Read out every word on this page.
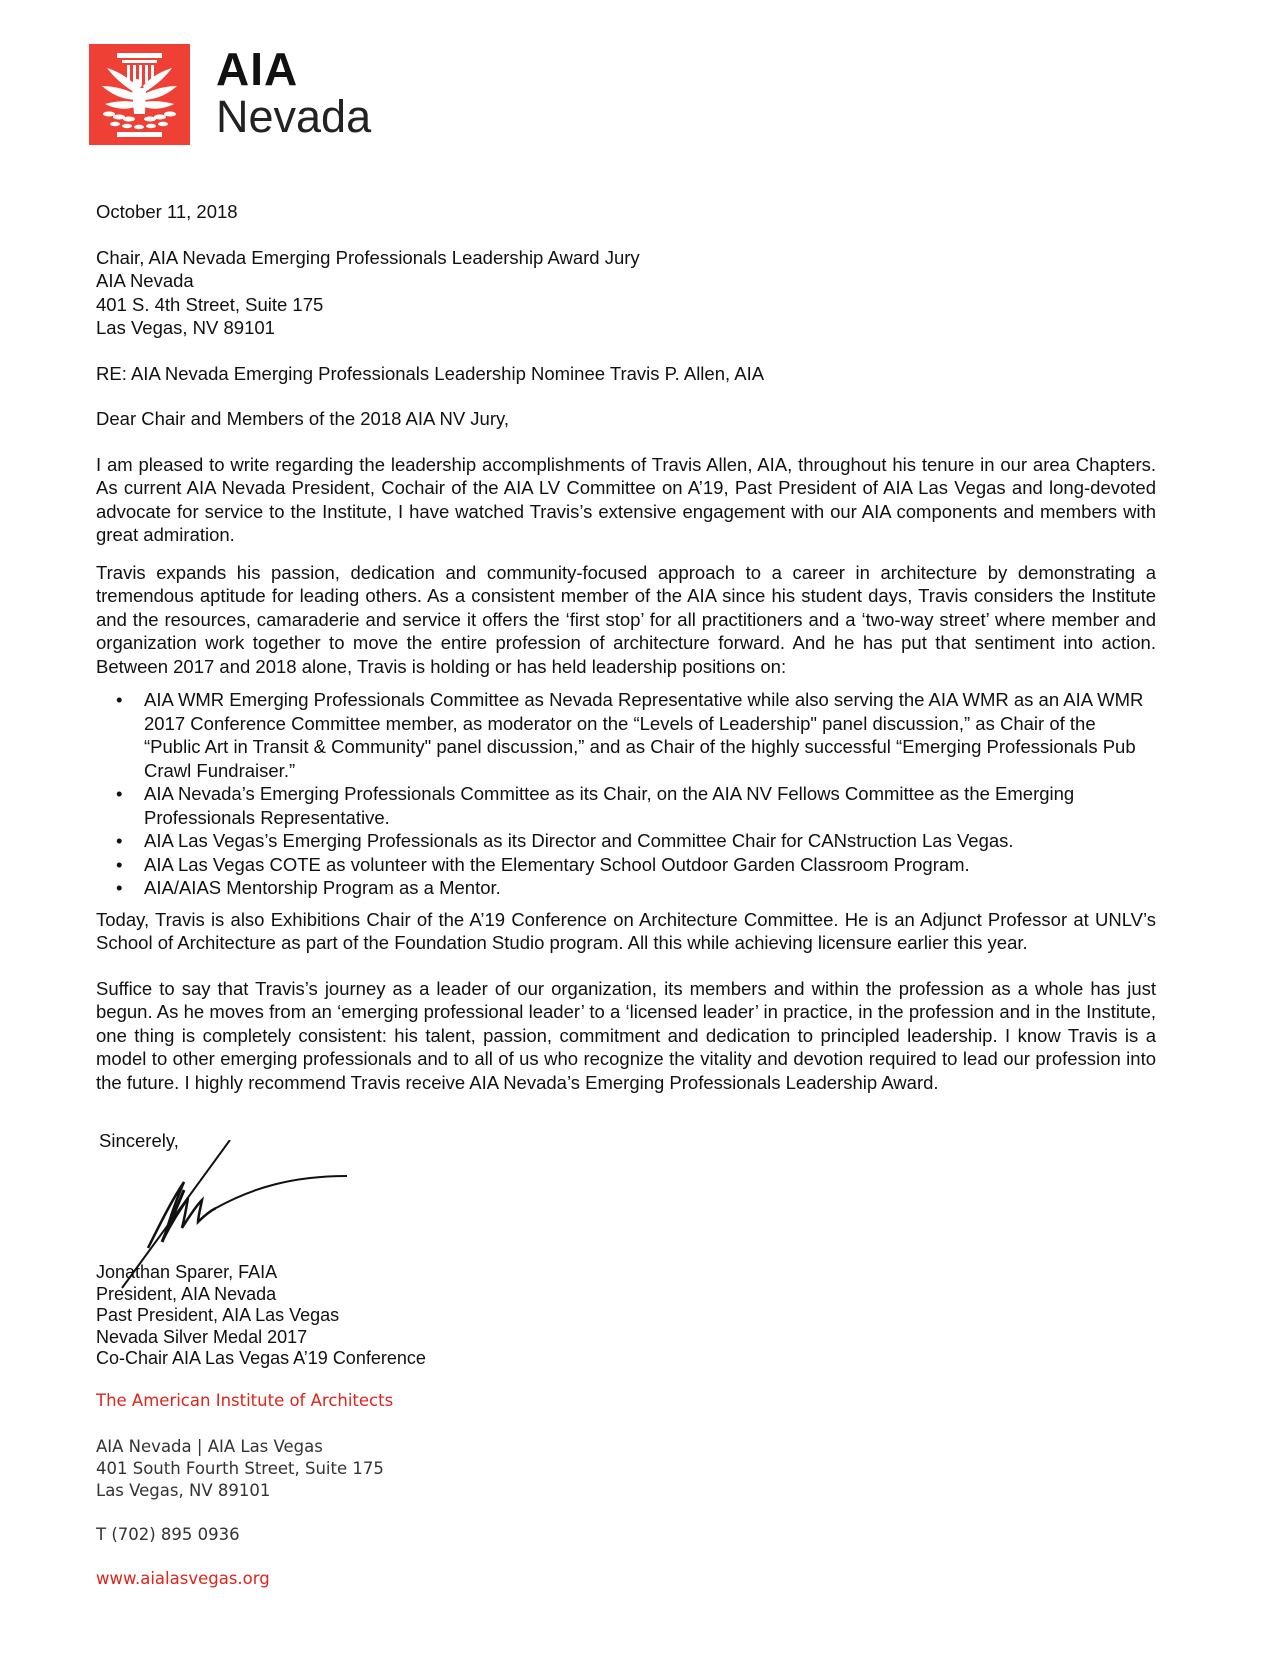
AIA
Nevada
October 11, 2018
Chair, AIA Nevada Emerging Professionals Leadership Award Jury
AIA Nevada
401 S. 4th Street, Suite 175
Las Vegas, NV 89101
RE: AIA Nevada Emerging Professionals Leadership Nominee Travis P. Allen, AIA
Dear Chair and Members of the 2018 AIA NV Jury,

I am pleased to write regarding the leadership accomplishments of Travis Allen, AIA, throughout his tenure in our area Chapters. As current AIA Nevada President, Cochair of the AIA LV Committee on A’19, Past President of AIA Las Vegas and long-devoted advocate for service to the Institute, I have watched Travis’s extensive engagement with our AIA components and members with great admiration.

Travis expands his passion, dedication and community-focused approach to a career in architecture by demonstrating a tremendous aptitude for leading others. As a consistent member of the AIA since his student days, Travis considers the Institute and the resources, camaraderie and service it offers the ‘first stop’ for all practitioners and a ‘two-way street’ where member and organization work together to move the entire profession of architecture forward. And he has put that sentiment into action. Between 2017 and 2018 alone, Travis is holding or has held leadership positions on:

• AIA WMR Emerging Professionals Committee as Nevada Representative while also serving the AIA WMR as an AIA WMR 2017 Conference Committee member, as moderator on the “Levels of Leadership" panel discussion,” as Chair of the “Public Art in Transit & Community" panel discussion,” and as Chair of the highly successful “Emerging Professionals Pub Crawl Fundraiser.”
• AIA Nevada’s Emerging Professionals Committee as its Chair, on the AIA NV Fellows Committee as the Emerging Professionals Representative.
• AIA Las Vegas’s Emerging Professionals as its Director and Committee Chair for CANstruction Las Vegas.
• AIA Las Vegas COTE as volunteer with the Elementary School Outdoor Garden Classroom Program.
• AIA/AIAS Mentorship Program as a Mentor.

Today, Travis is also Exhibitions Chair of the A’19 Conference on Architecture Committee. He is an Adjunct Professor at UNLV’s School of Architecture as part of the Foundation Studio program. All this while achieving licensure earlier this year.

Suffice to say that Travis’s journey as a leader of our organization, its members and within the profession as a whole has just begun. As he moves from an ‘emerging professional leader’ to a ‘licensed leader’ in practice, in the profession and in the Institute, one thing is completely consistent: his talent, passion, commitment and dedication to principled leadership. I know Travis is a model to other emerging professionals and to all of us who recognize the vitality and devotion required to lead our profession into the future. I highly recommend Travis receive AIA Nevada’s Emerging Professionals Leadership Award.

Sincerely,
Jonathan Sparer, FAIA
President, AIA Nevada
Past President, AIA Las Vegas
Nevada Silver Medal 2017
Co-Chair AIA Las Vegas A’19 Conference
The American Institute of Architects
AIA Nevada | AIA Las Vegas
401 South Fourth Street, Suite 175
Las Vegas, NV 89101
T (702) 895 0936
www.aialasvegas.org
